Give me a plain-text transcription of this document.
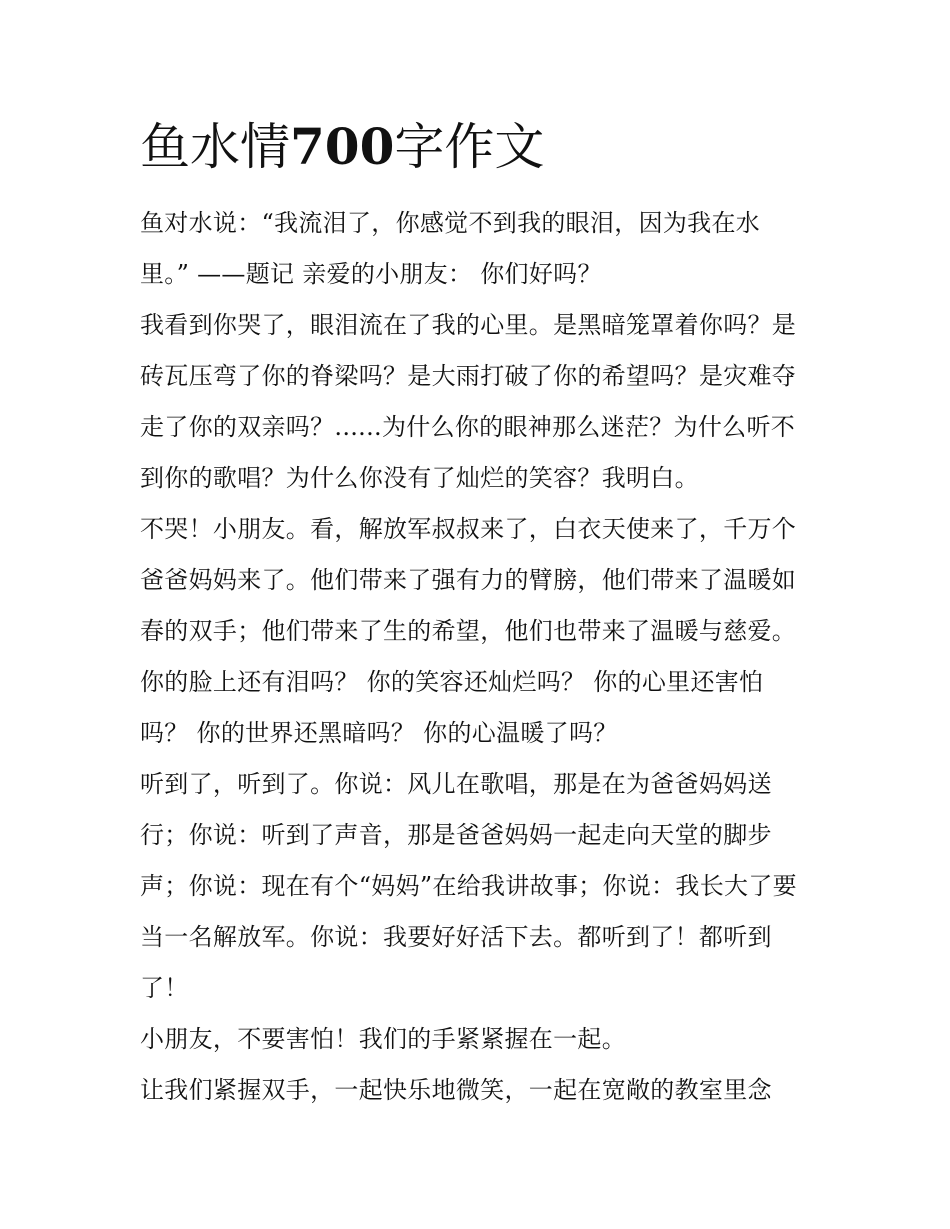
鱼水情700字作文
鱼对水说：“我流泪了，你感觉不到我的眼泪，因为我在水
里。” ——题记 亲爱的小朋友： 你们好吗？
我看到你哭了，眼泪流在了我的心里。是黑暗笼罩着你吗？是
砖瓦压弯了你的脊梁吗？是大雨打破了你的希望吗？是灾难夺
走了你的双亲吗？......为什么你的眼神那么迷茫？为什么听不
到你的歌唱？为什么你没有了灿烂的笑容？我明白。
不哭！小朋友。看，解放军叔叔来了，白衣天使来了，千万个
爸爸妈妈来了。他们带来了强有力的臂膀，他们带来了温暖如
春的双手；他们带来了生的希望，他们也带来了温暖与慈爱。
你的脸上还有泪吗？ 你的笑容还灿烂吗？ 你的心里还害怕
吗？ 你的世界还黑暗吗？ 你的心温暖了吗？
听到了，听到了。你说：风儿在歌唱，那是在为爸爸妈妈送
行；你说：听到了声音，那是爸爸妈妈一起走向天堂的脚步
声；你说：现在有个“妈妈”在给我讲故事；你说：我长大了要
当一名解放军。你说：我要好好活下去。都听到了！都听到
了！
小朋友，不要害怕！我们的手紧紧握在一起。
让我们紧握双手，一起快乐地微笑，一起在宽敞的教室里念
